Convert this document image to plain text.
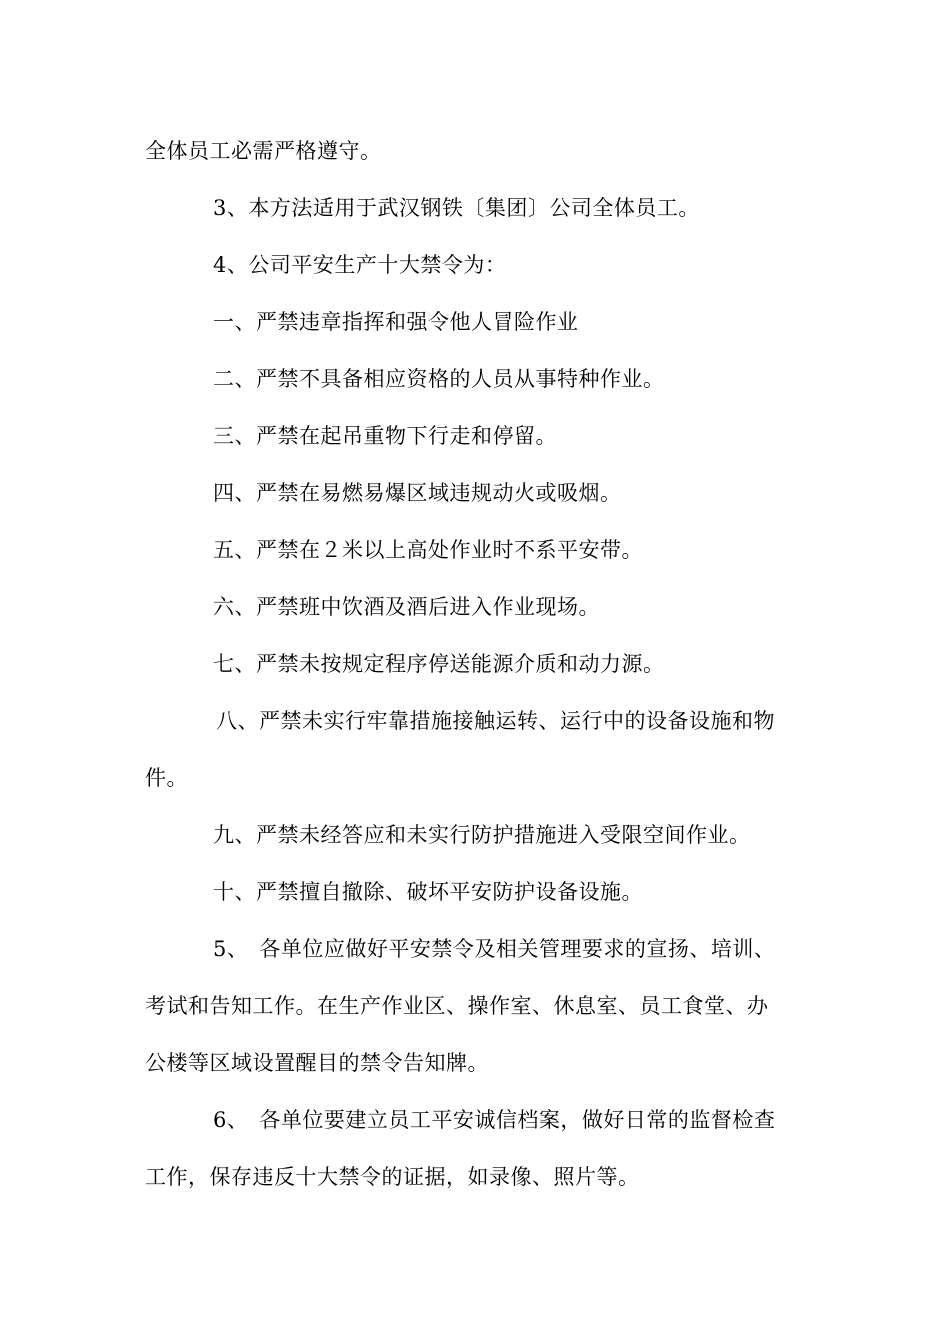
全体员工必需严格遵守。
3、本方法适用于武汉钢铁〔集团〕公司全体员工。
4、公司平安生产十大禁令为：
一、严禁违章指挥和强令他人冒险作业
二、严禁不具备相应资格的人员从事特种作业。
三、严禁在起吊重物下行走和停留。
四、严禁在易燃易爆区域违规动火或吸烟。
五、严禁在２米以上高处作业时不系平安带。
六、严禁班中饮酒及酒后进入作业现场。
七、严禁未按规定程序停送能源介质和动力源。
八、严禁未实行牢靠措施接触运转、运行中的设备设施和物
件。
九、严禁未经答应和未实行防护措施进入受限空间作业。
十、严禁擅自撤除、破坏平安防护设备设施。
5、　各单位应做好平安禁令及相关管理要求的宣扬、培训、
考试和告知工作。在生产作业区、操作室、休息室、员工食堂、办
公楼等区域设置醒目的禁令告知牌。
6、　各单位要建立员工平安诚信档案，做好日常的监督检查
工作，保存违反十大禁令的证据，如录像、照片等。
